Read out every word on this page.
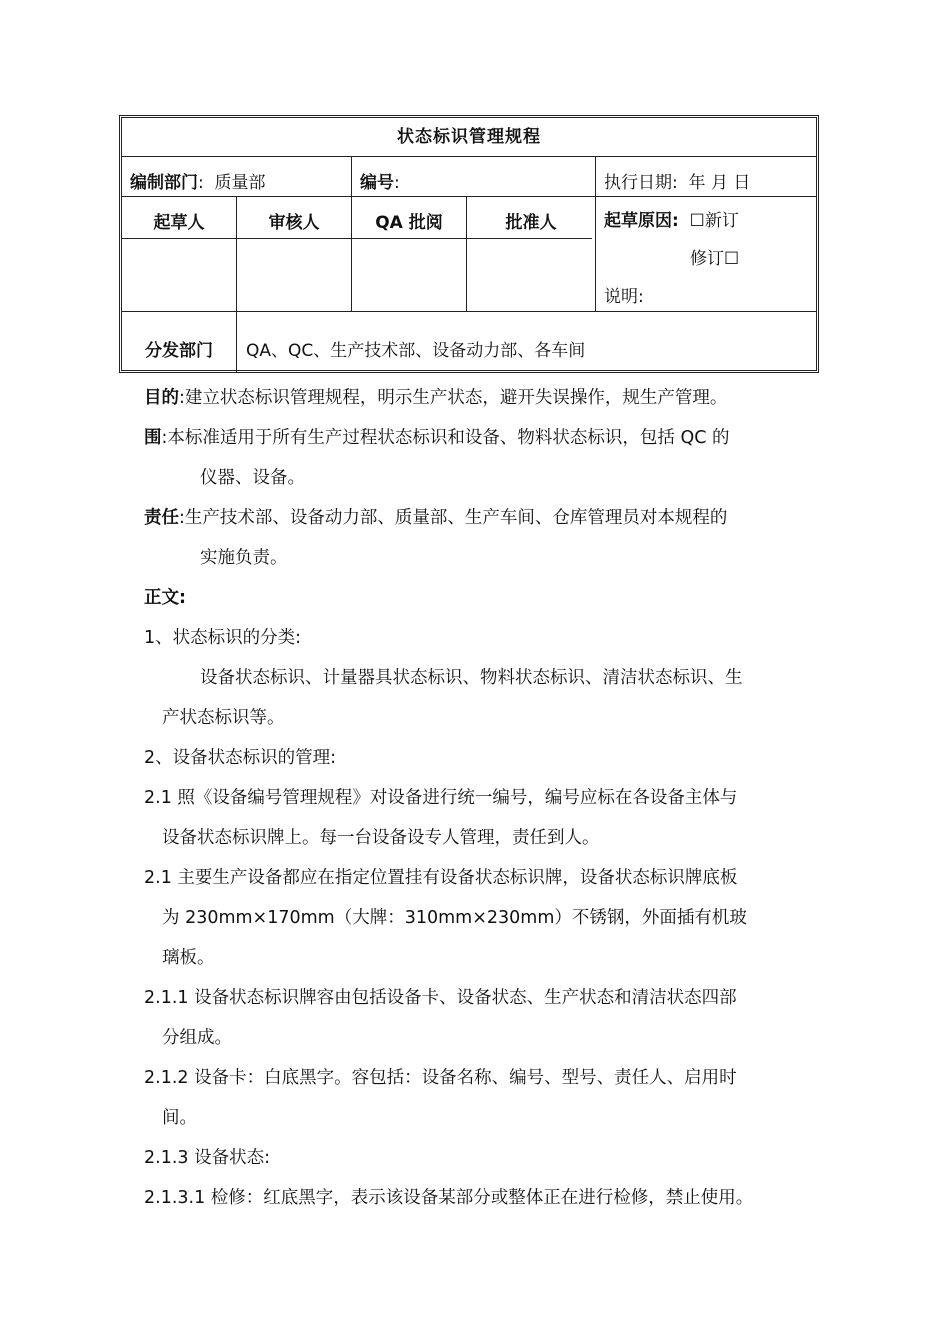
状态标识管理规程
编制部门:  质量部	编号:	执行日期: 年 月 日
起草人	审核人	QA 批阅	批准人	起草原因: ☐新订
修订☐
说明:
分发部门	QA、QC、生产技术部、设备动力部、各车间
目的:建立状态标识管理规程，明示生产状态，避开失误操作，规生产管理。
围:本标准适用于所有生产过程状态标识和设备、物料状态标识，包括 QC 的
仪器、设备。
责任:生产技术部、设备动力部、质量部、生产车间、仓库管理员对本规程的
实施负责。
正文:
1、状态标识的分类:
设备状态标识、计量器具状态标识、物料状态标识、清洁状态标识、生
产状态标识等。
2、设备状态标识的管理:
2.1 照《设备编号管理规程》对设备进行统一编号，编号应标在各设备主体与
设备状态标识牌上。每一台设备设专人管理，责任到人。
2.1 主要生产设备都应在指定位置挂有设备状态标识牌，设备状态标识牌底板
为 230mm×170mm（大牌：310mm×230mm）不锈钢，外面插有机玻
璃板。
2.1.1 设备状态标识牌容由包括设备卡、设备状态、生产状态和清洁状态四部
分组成。
2.1.2 设备卡：白底黑字。容包括：设备名称、编号、型号、责任人、启用时
间。
2.1.3 设备状态:
2.1.3.1 检修：红底黑字，表示该设备某部分或整体正在进行检修，禁止使用。
